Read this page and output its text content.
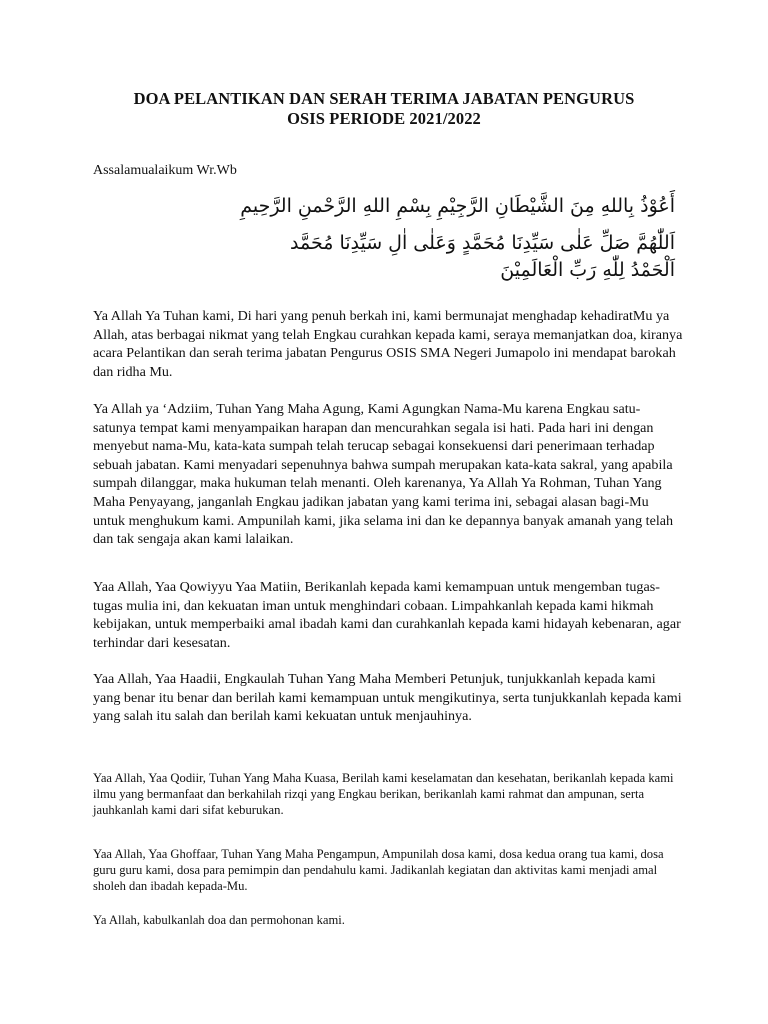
DOA PELANTIKAN DAN SERAH TERIMA JABATAN PENGURUS
OSIS PERIODE 2021/2022
Assalamualaikum Wr.Wb
أَعُوْذُ بِاللهِ مِنَ الشَّيْطَانِ الرَّجِيْمِ بِسْمِ اللهِ الرَّحْمنِ الرَّحِيمِ
اَللّٰهُمَّ صَلِّ عَلٰى سَيِّدِنَا مُحَمَّدٍ وَعَلٰى اٰلِ سَيِّدِنَا مُحَمَّد
اَلْحَمْدُ لِلّٰهِ رَبِّ الْعَالَمِيْنَ

Ya Allah Ya Tuhan kami, Di hari yang penuh berkah ini, kami bermunajat menghadap kehadiratMu ya Allah, atas berbagai nikmat yang telah Engkau curahkan kepada kami, seraya memanjatkan doa, kiranya acara Pelantikan dan serah terima jabatan Pengurus OSIS SMA Negeri Jumapolo ini mendapat barokah dan ridha Mu.

Ya Allah ya ‘Adziim, Tuhan Yang Maha Agung, Kami Agungkan Nama-Mu karena Engkau satu-satunya tempat kami menyampaikan harapan dan mencurahkan segala isi hati. Pada hari ini dengan menyebut nama-Mu, kata-kata sumpah telah terucap sebagai konsekuensi dari penerimaan terhadap sebuah jabatan. Kami menyadari sepenuhnya bahwa sumpah merupakan kata-kata sakral, yang apabila sumpah dilanggar, maka hukuman telah menanti. Oleh karenanya, Ya Allah Ya Rohman, Tuhan Yang Maha Penyayang, janganlah Engkau jadikan jabatan yang kami terima ini, sebagai alasan bagi-Mu untuk menghukum kami. Ampunilah kami, jika selama ini dan ke depannya banyak amanah yang telah dan tak sengaja akan kami lalaikan.

Yaa Allah, Yaa Qowiyyu Yaa Matiin, Berikanlah kepada kami kemampuan untuk mengemban tugas-tugas mulia ini, dan kekuatan iman untuk menghindari cobaan. Limpahkanlah kepada kami hikmah kebijakan, untuk memperbaiki amal ibadah kami dan curahkanlah kepada kami hidayah kebenaran, agar terhindar dari kesesatan.

Yaa Allah, Yaa Haadii, Engkaulah Tuhan Yang Maha Memberi Petunjuk, tunjukkanlah kepada kami yang benar itu benar dan berilah kami kemampuan untuk mengikutinya, serta tunjukkanlah kepada kami yang salah itu salah dan berilah kami kekuatan untuk menjauhinya.

Yaa Allah, Yaa Qodiir, Tuhan Yang Maha Kuasa, Berilah kami keselamatan dan kesehatan, berikanlah kepada kami ilmu yang bermanfaat dan berkahilah rizqi yang Engkau berikan, berikanlah kami rahmat dan ampunan, serta jauhkanlah kami dari sifat keburukan.

Yaa Allah, Yaa Ghoffaar, Tuhan Yang Maha Pengampun, Ampunilah dosa kami, dosa kedua orang tua kami, dosa guru guru kami, dosa para pemimpin dan pendahulu kami. Jadikanlah kegiatan dan aktivitas kami menjadi amal sholeh dan ibadah kepada-Mu.

Ya Allah, kabulkanlah doa dan permohonan kami.
